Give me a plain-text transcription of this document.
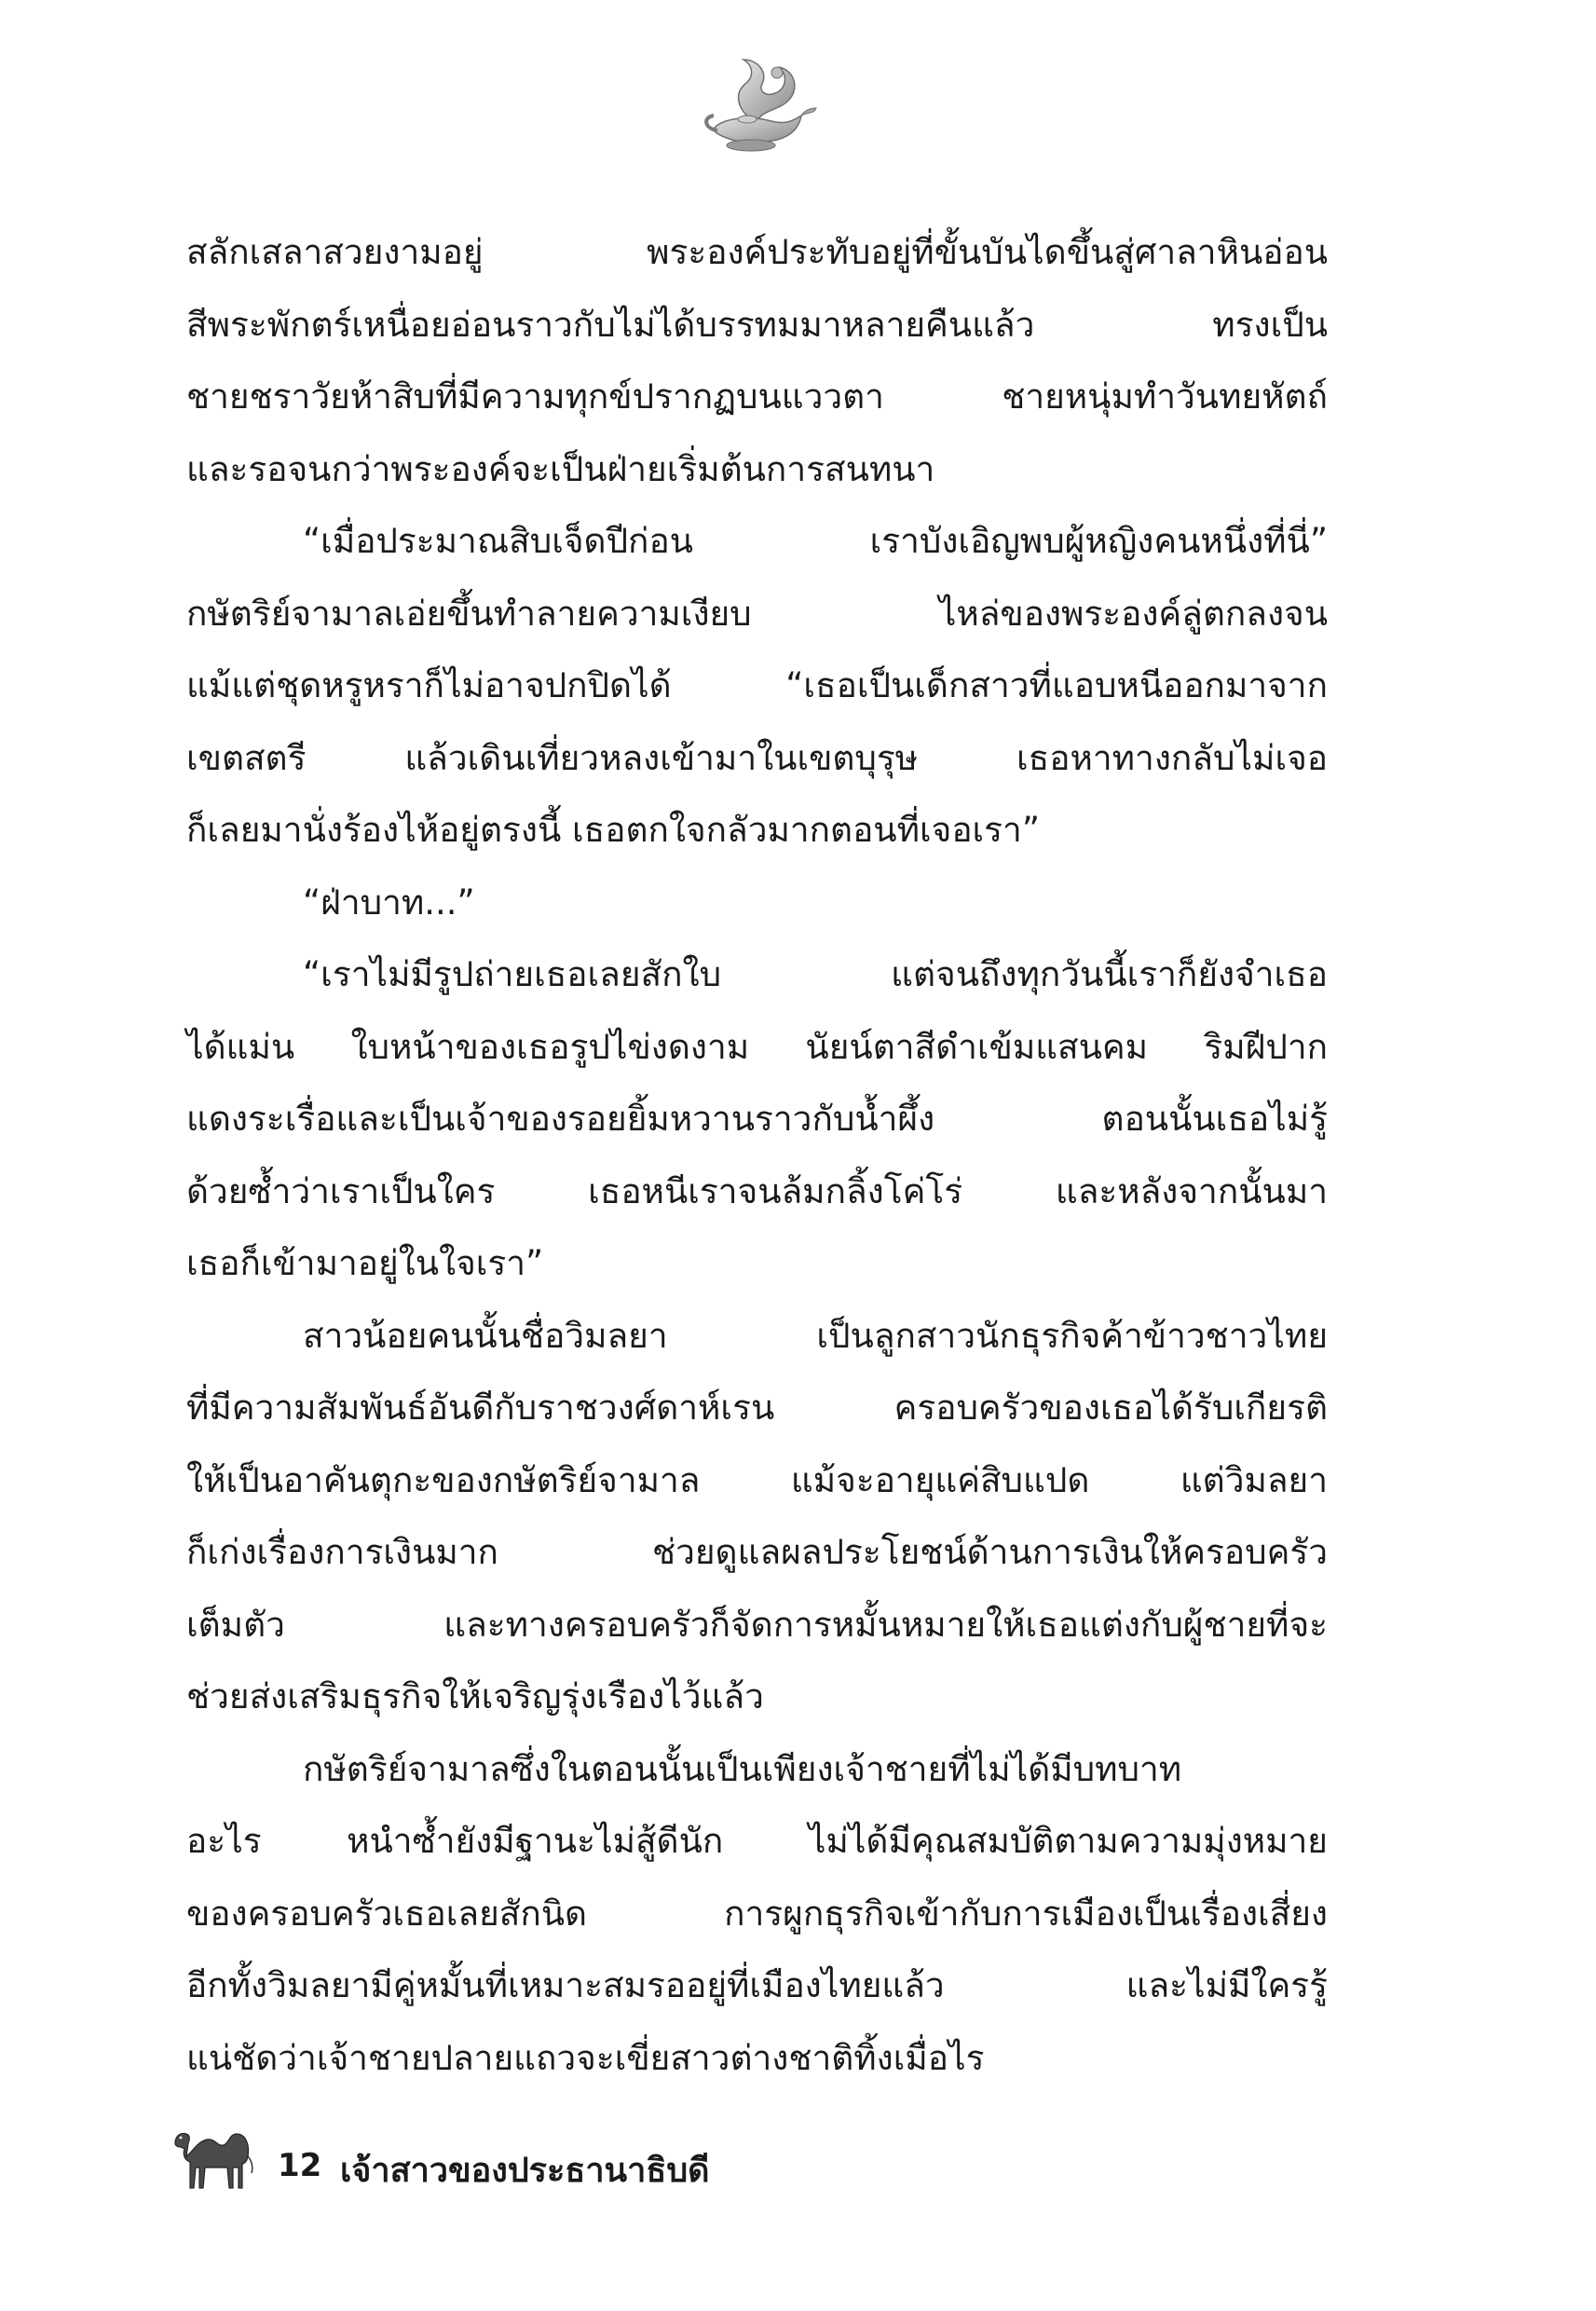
สลักเสลาสวยงามอยู่ พระองค์ประทับอยู่ที่ขั้นบันไดขึ้นสู่ศาลาหินอ่อน

สีพระพักตร์เหนื่อยอ่อนราวกับไม่ได้บรรทมมาหลายคืนแล้ว ทรงเป็น

ชายชราวัยห้าสิบที่มีความทุกข์ปรากฏบนแววตา ชายหนุ่มทำวันทยหัตถ์

และรอจนกว่าพระองค์จะเป็นฝ่ายเริ่มต้นการสนทนา

“เมื่อประมาณสิบเจ็ดปีก่อน เราบังเอิญพบผู้หญิงคนหนึ่งที่นี่”

กษัตริย์จามาลเอ่ยขึ้นทำลายความเงียบ ไหล่ของพระองค์ลู่ตกลงจน

แม้แต่ชุดหรูหราก็ไม่อาจปกปิดได้ “เธอเป็นเด็กสาวที่แอบหนีออกมาจาก

เขตสตรี แล้วเดินเที่ยวหลงเข้ามาในเขตบุรุษ เธอหาทางกลับไม่เจอ

ก็เลยมานั่งร้องไห้อยู่ตรงนี้ เธอตกใจกลัวมากตอนที่เจอเรา”

“ฝ่าบาท...”

“เราไม่มีรูปถ่ายเธอเลยสักใบ แต่จนถึงทุกวันนี้เราก็ยังจำเธอ

ได้แม่น ใบหน้าของเธอรูปไข่งดงาม นัยน์ตาสีดำเข้มแสนคม ริมฝีปาก

แดงระเรื่อและเป็นเจ้าของรอยยิ้มหวานราวกับน้ำผึ้ง ตอนนั้นเธอไม่รู้

ด้วยซ้ำว่าเราเป็นใคร เธอหนีเราจนล้มกลิ้งโค่โร่ และหลังจากนั้นมา

เธอก็เข้ามาอยู่ในใจเรา”

สาวน้อยคนนั้นชื่อวิมลยา เป็นลูกสาวนักธุรกิจค้าข้าวชาวไทย

ที่มีความสัมพันธ์อันดีกับราชวงศ์ดาห์เรน ครอบครัวของเธอได้รับเกียรติ

ให้เป็นอาคันตุกะของกษัตริย์จามาล แม้จะอายุแค่สิบแปด แต่วิมลยา

ก็เก่งเรื่องการเงินมาก ช่วยดูแลผลประโยชน์ด้านการเงินให้ครอบครัว

เต็มตัว และทางครอบครัวก็จัดการหมั้นหมายให้เธอแต่งกับผู้ชายที่จะ

ช่วยส่งเสริมธุรกิจให้เจริญรุ่งเรืองไว้แล้ว

กษัตริย์จามาลซึ่งในตอนนั้นเป็นเพียงเจ้าชายที่ไม่ได้มีบทบาท

อะไร หนำซ้ำยังมีฐานะไม่สู้ดีนัก ไม่ได้มีคุณสมบัติตามความมุ่งหมาย

ของครอบครัวเธอเลยสักนิด การผูกธุรกิจเข้ากับการเมืองเป็นเรื่องเสี่ยง

อีกทั้งวิมลยามีคู่หมั้นที่เหมาะสมรออยู่ที่เมืองไทยแล้ว และไม่มีใครรู้

แน่ชัดว่าเจ้าชายปลายแถวจะเขี่ยสาวต่างชาติทิ้งเมื่อไร

12 เจ้าสาวของประธานาธิบดี
